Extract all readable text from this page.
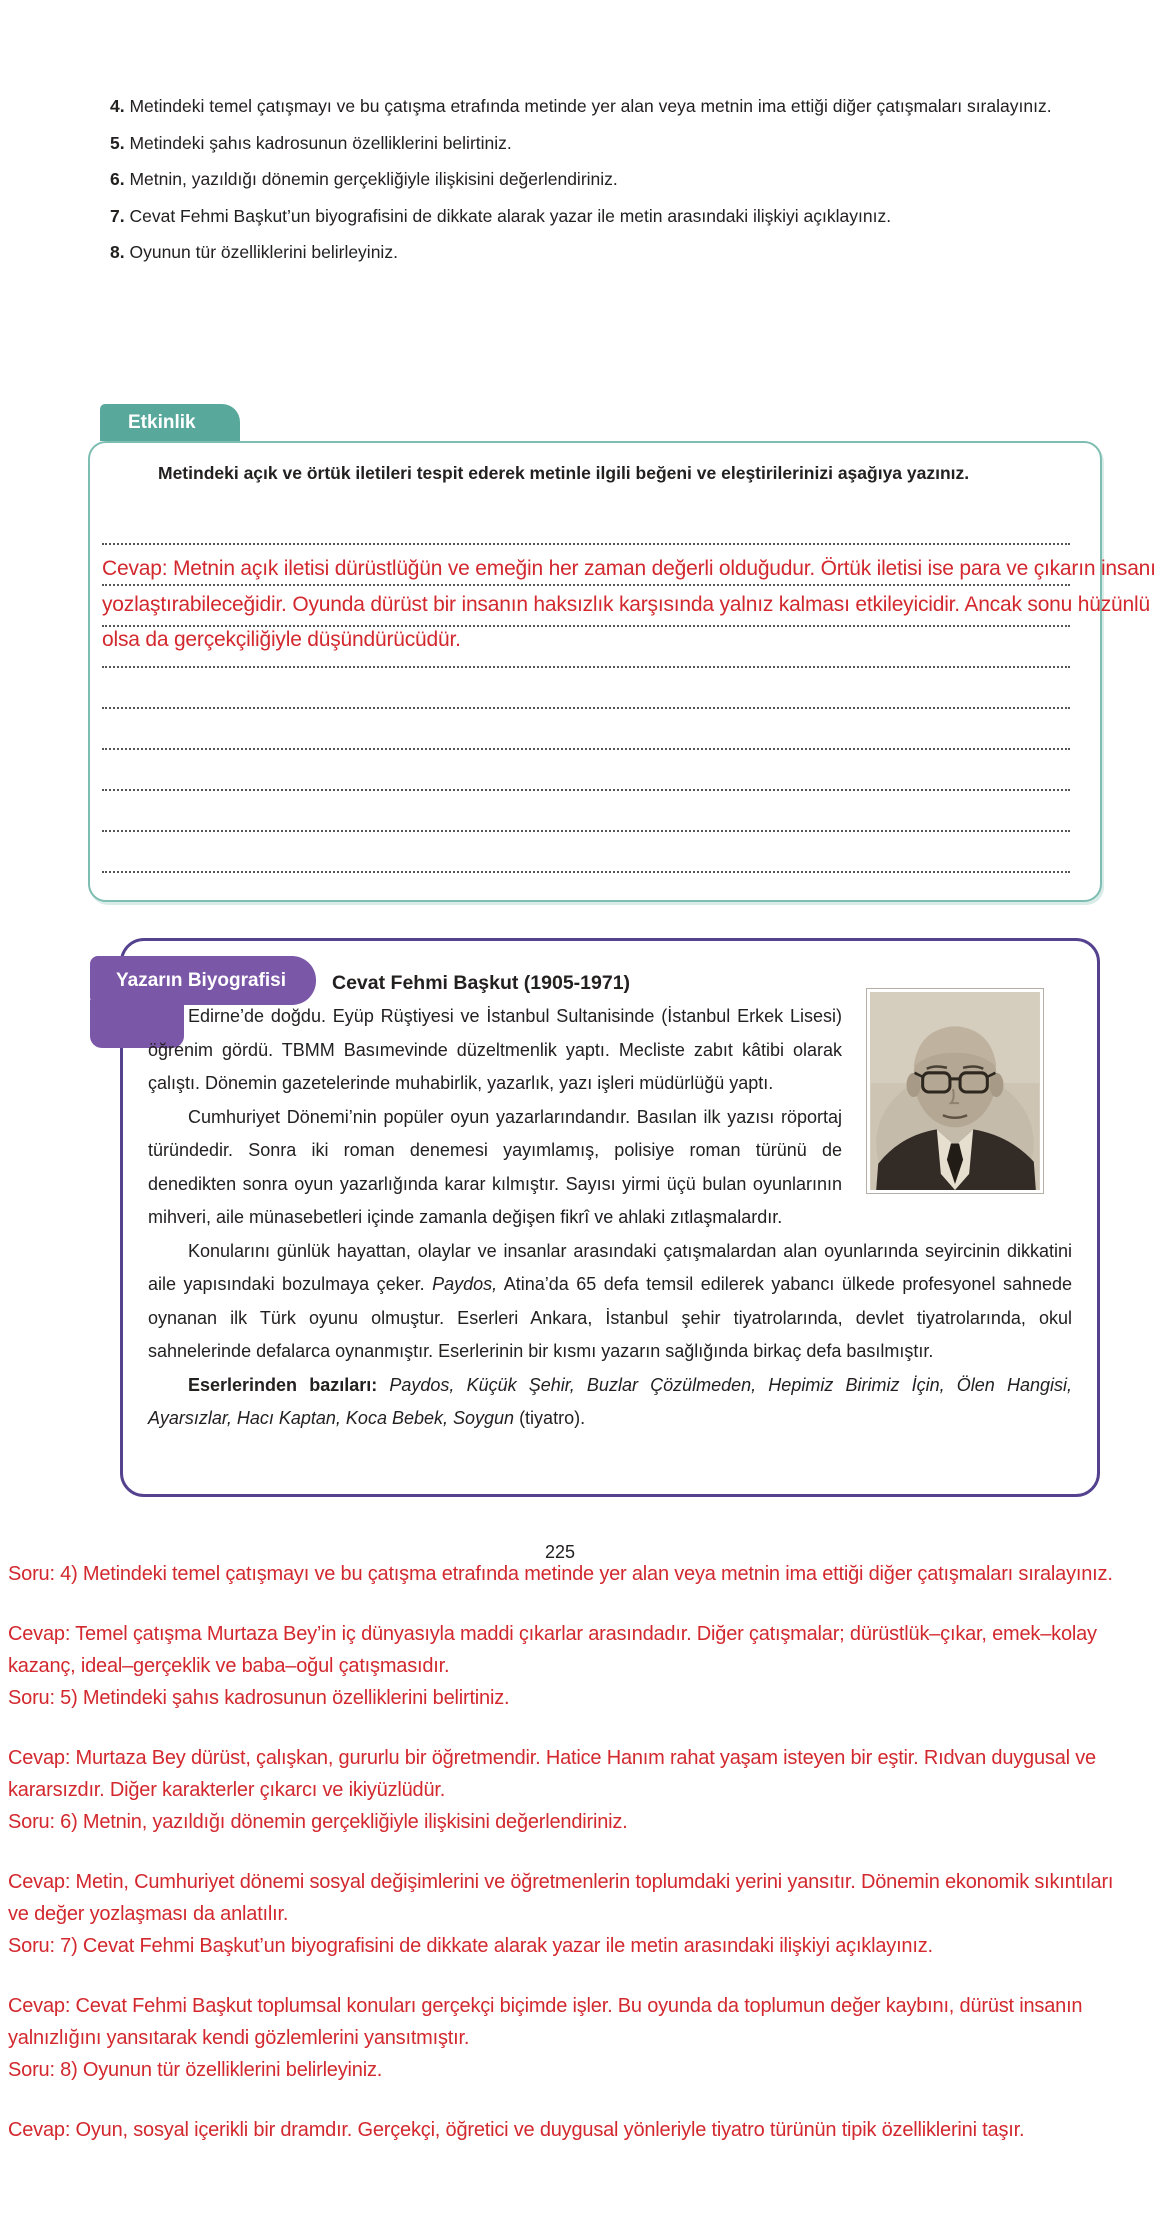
4. Metindeki temel çatışmayı ve bu çatışma etrafında metinde yer alan veya metnin ima ettiği diğer çatışmaları sıralayınız.

5. Metindeki şahıs kadrosunun özelliklerini belirtiniz.

6. Metnin, yazıldığı dönemin gerçekliğiyle ilişkisini değerlendiriniz.

7. Cevat Fehmi Başkut’un biyografisini de dikkate alarak yazar ile metin arasındaki ilişkiyi açıklayınız.

8. Oyunun tür özelliklerini belirleyiniz.

Etkinlik
Metindeki açık ve örtük iletileri tespit ederek metinle ilgili beğeni ve eleştirilerinizi aşağıya yazınız.
Cevap: Metnin açık iletisi dürüstlüğün ve emeğin her zaman değerli olduğudur. Örtük iletisi ise para ve çıkarın insanı yozlaştırabileceğidir. Oyunda dürüst bir insanın haksızlık karşısında yalnız kalması etkileyicidir. Ancak sonu hüzünlü olsa da gerçekçiliğiyle düşündürücüdür.
Yazarın Biyografisi	Cevat Fehmi Başkut (1905-1971)

Edirne’de doğdu. Eyüp Rüştiyesi ve İstanbul Sultanisinde (İstanbul Erkek Lisesi) öğrenim gördü. TBMM Basımevinde düzeltmenlik yaptı. Mecliste zabıt kâtibi olarak çalıştı. Dönemin gazetelerinde muhabirlik, yazarlık, yazı işleri müdürlüğü yaptı.

Cumhuriyet Dönemi’nin popüler oyun yazarlarındandır. Basılan ilk yazısı röportaj türündedir. Sonra iki roman denemesi yayımlamış, polisiye roman türünü de denedikten sonra oyun yazarlığında karar kılmıştır. Sayısı yirmi üçü bulan oyunlarının mihveri, aile münasebetleri içinde zamanla değişen fikrî ve ahlaki zıtlaşmalardır.

Konularını günlük hayattan, olaylar ve insanlar arasındaki çatışmalardan alan oyunlarında seyircinin dikkatini aile yapısındaki bozulmaya çeker. Paydos, Atina’da 65 defa temsil edilerek yabancı ülkede profesyonel sahnede oynanan ilk Türk oyunu olmuştur. Eserleri Ankara, İstanbul şehir tiyatrolarında, devlet tiyatrolarında, okul sahnelerinde defalarca oynanmıştır. Eserlerinin bir kısmı yazarın sağlığında birkaç defa basılmıştır.

Eserlerinden bazıları: Paydos, Küçük Şehir, Buzlar Çözülmeden, Hepimiz Birimiz İçin, Ölen Hangisi, Ayarsızlar, Hacı Kaptan, Koca Bebek, Soygun (tiyatro).

225

Soru: 4) Metindeki temel çatışmayı ve bu çatışma etrafında metinde yer alan veya metnin ima ettiği diğer çatışmaları sıralayınız.

Cevap: Temel çatışma Murtaza Bey’in iç dünyasıyla maddi çıkarlar arasındadır. Diğer çatışmalar; dürüstlük–çıkar, emek–kolay kazanç, ideal–gerçeklik ve baba–oğul çatışmasıdır.

Soru: 5) Metindeki şahıs kadrosunun özelliklerini belirtiniz.

Cevap: Murtaza Bey dürüst, çalışkan, gururlu bir öğretmendir. Hatice Hanım rahat yaşam isteyen bir eştir. Rıdvan duygusal ve kararsızdır. Diğer karakterler çıkarcı ve ikiyüzlüdür.

Soru: 6) Metnin, yazıldığı dönemin gerçekliğiyle ilişkisini değerlendiriniz.

Cevap: Metin, Cumhuriyet dönemi sosyal değişimlerini ve öğretmenlerin toplumdaki yerini yansıtır. Dönemin ekonomik sıkıntıları ve değer yozlaşması da anlatılır.

Soru: 7) Cevat Fehmi Başkut’un biyografisini de dikkate alarak yazar ile metin arasındaki ilişkiyi açıklayınız.

Cevap: Cevat Fehmi Başkut toplumsal konuları gerçekçi biçimde işler. Bu oyunda da toplumun değer kaybını, dürüst insanın yalnızlığını yansıtarak kendi gözlemlerini yansıtmıştır.

Soru: 8) Oyunun tür özelliklerini belirleyiniz.

Cevap: Oyun, sosyal içerikli bir dramdır. Gerçekçi, öğretici ve duygusal yönleriyle tiyatro türünün tipik özelliklerini taşır.
